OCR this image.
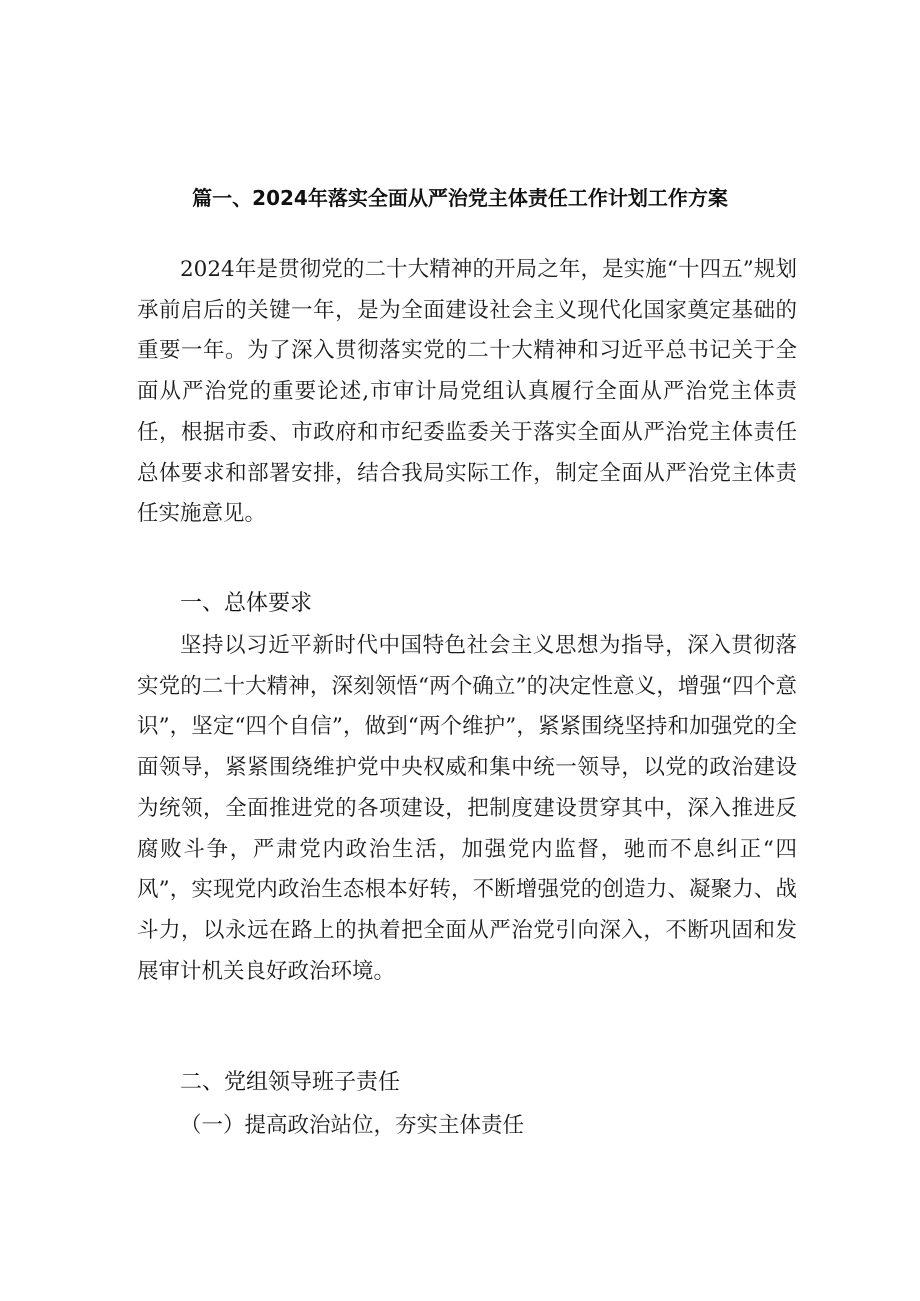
篇一、2024年落实全面从严治党主体责任工作计划工作方案

2024年是贯彻党的二十大精神的开局之年，是实施“十四五”规划承前启后的关键一年，是为全面建设社会主义现代化国家奠定基础的重要一年。为了深入贯彻落实党的二十大精神和习近平总书记关于全面从严治党的重要论述,市审计局党组认真履行全面从严治党主体责任，根据市委、市政府和市纪委监委关于落实全面从严治党主体责任总体要求和部署安排，结合我局实际工作，制定全面从严治党主体责任实施意见。

一、总体要求

坚持以习近平新时代中国特色社会主义思想为指导，深入贯彻落实党的二十大精神，深刻领悟“两个确立”的决定性意义，增强“四个意识”，坚定“四个自信”，做到“两个维护”，紧紧围绕坚持和加强党的全面领导，紧紧围绕维护党中央权威和集中统一领导，以党的政治建设为统领，全面推进党的各项建设，把制度建设贯穿其中，深入推进反腐败斗争，严肃党内政治生活，加强党内监督，驰而不息纠正“四风”，实现党内政治生态根本好转，不断增强党的创造力、凝聚力、战斗力，以永远在路上的执着把全面从严治党引向深入，不断巩固和发展审计机关良好政治环境。

二、党组领导班子责任
（一）提高政治站位，夯实主体责任
